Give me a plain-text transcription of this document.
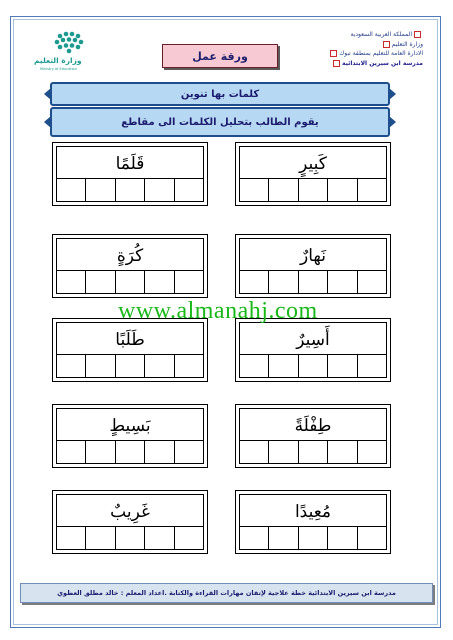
المملكة العربية السعودية
وزارة التعليم
الادارة العامة للتعليم بمنطقة تبوك
مدرسة ابن سيرين الابتدائية
ورقة عمل
وزارة التعليم
Ministry of Education
كلمات بها تنوين
يقوم الطالب بتحليل الكلمات الى مقاطع
كَبِيرٍ
قَلَمًا
نَهارٌ
كُرَةٍ
أَسِيرٌ
طَلَبًا
طِفْلَةً
بَسِيطٍ
مُعِيدًا
غَرِيبٌ
www.almanahj.com
مدرسة ابن سيرين الابتدائية خطة علاجية لإتقان مهارات القراءة والكتابة .اعداد المعلم : خالد مطلق العطوي
